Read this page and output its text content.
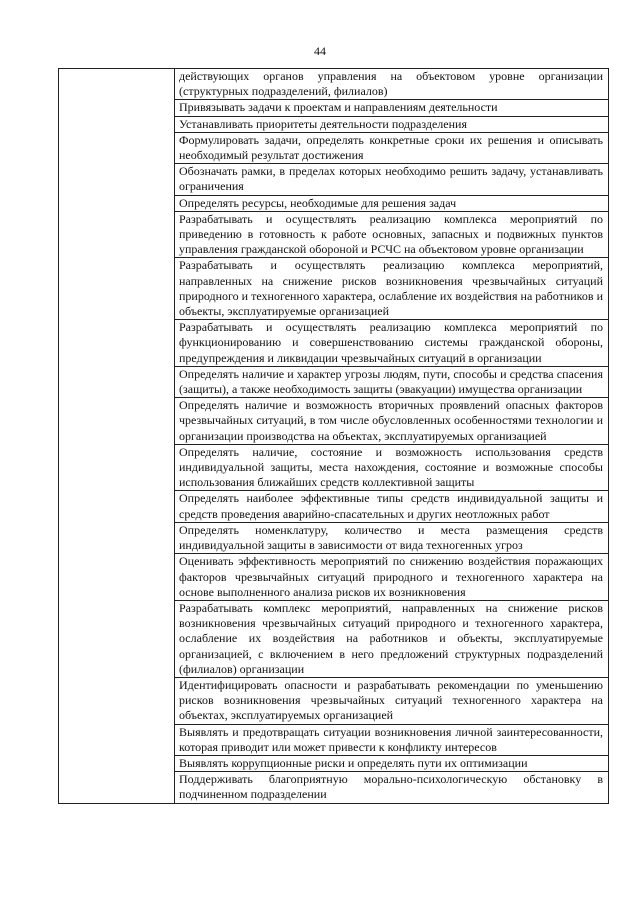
44
действующих органов управления на объектовом уровне организации (структурных подразделений, филиалов)

Привязывать задачи к проектам и направлениям деятельности

Устанавливать приоритеты деятельности подразделения

Формулировать задачи, определять конкретные сроки их решения и описывать необходимый результат достижения

Обозначать рамки, в пределах которых необходимо решить задачу, устанавливать ограничения

Определять ресурсы, необходимые для решения задач

Разрабатывать и осуществлять реализацию комплекса мероприятий по приведению в готовность к работе основных, запасных и подвижных пунктов управления гражданской обороной и РСЧС на объектовом уровне организации

Разрабатывать и осуществлять реализацию комплекса мероприятий, направленных на снижение рисков возникновения чрезвычайных ситуаций природного и техногенного характера, ослабление их воздействия на работников и объекты, эксплуатируемые организацией

Разрабатывать и осуществлять реализацию комплекса мероприятий по функционированию и совершенствованию системы гражданской обороны, предупреждения и ликвидации чрезвычайных ситуаций в организации

Определять наличие и характер угрозы людям, пути, способы и средства спасения (защиты), а также необходимость защиты (эвакуации) имущества организации

Определять наличие и возможность вторичных проявлений опасных факторов чрезвычайных ситуаций, в том числе обусловленных особенностями технологии и организации производства на объектах, эксплуатируемых организацией

Определять наличие, состояние и возможность использования средств индивидуальной защиты, места нахождения, состояние и возможные способы использования ближайших средств коллективной защиты

Определять наиболее эффективные типы средств индивидуальной защиты и средств проведения аварийно-спасательных и других неотложных работ

Определять номенклатуру, количество и места размещения средств индивидуальной защиты в зависимости от вида техногенных угроз

Оценивать эффективность мероприятий по снижению воздействия поражающих факторов чрезвычайных ситуаций природного и техногенного характера на основе выполненного анализа рисков их возникновения

Разрабатывать комплекс мероприятий, направленных на снижение рисков возникновения чрезвычайных ситуаций природного и техногенного характера, ослабление их воздействия на работников и объекты, эксплуатируемые организацией, с включением в него предложений структурных подразделений (филиалов) организации

Идентифицировать опасности и разрабатывать рекомендации по уменьшению рисков возникновения чрезвычайных ситуаций техногенного характера на объектах, эксплуатируемых организацией

Выявлять и предотвращать ситуации возникновения личной заинтересованности, которая приводит или может привести к конфликту интересов

Выявлять коррупционные риски и определять пути их оптимизации

Поддерживать благоприятную морально-психологическую обстановку в подчиненном подразделении
